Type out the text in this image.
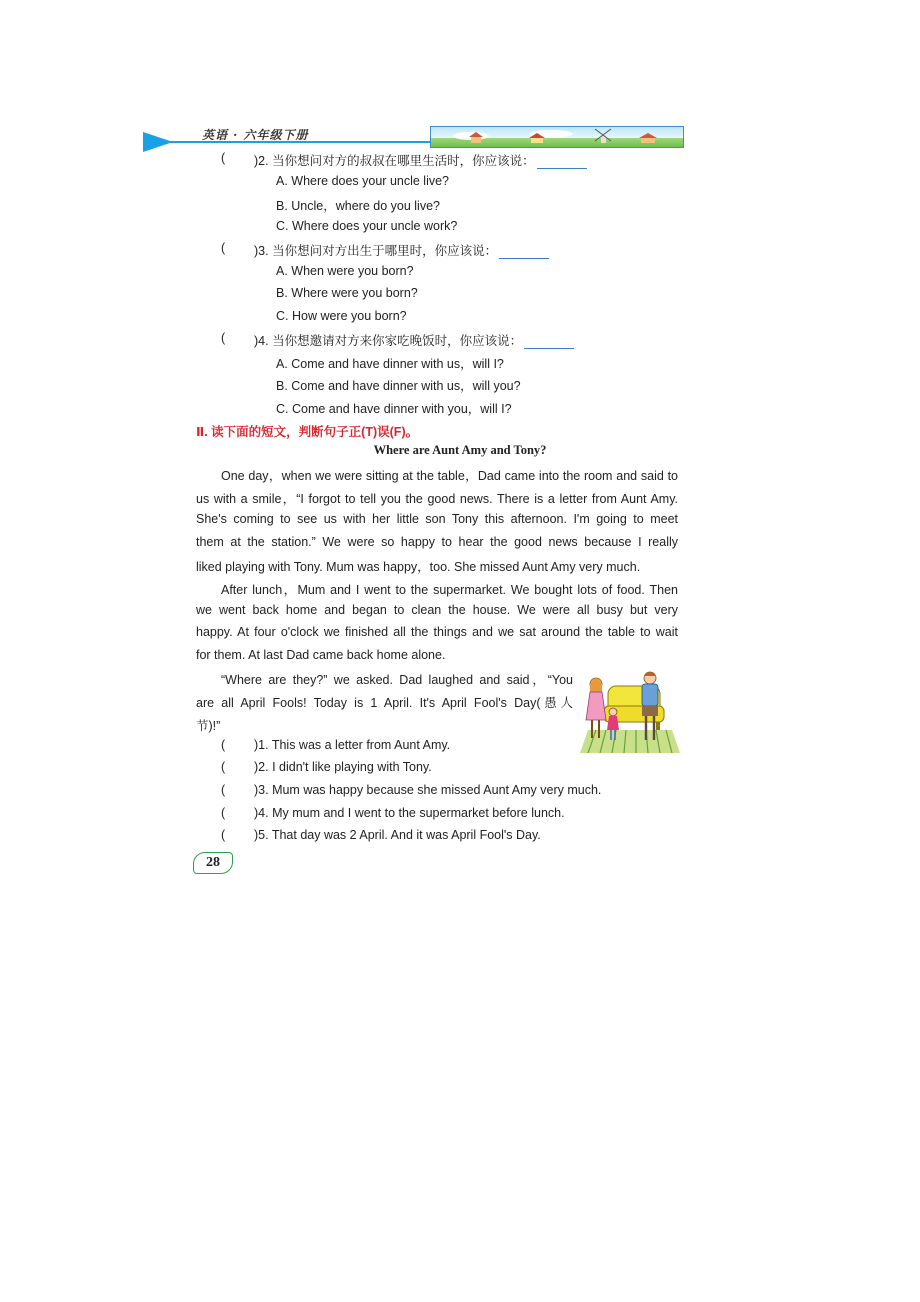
英语 · 六年级下册
( )2. 当你想问对方的叔叔在哪里生活时，你应该说：
A. Where does your uncle live?
B. Uncle，where do you live?
C. Where does your uncle work?
( )3. 当你想问对方出生于哪里时，你应该说：
A. When were you born?
B. Where were you born?
C. How were you born?
( )4. 当你想邀请对方来你家吃晚饭时，你应该说：
A. Come and have dinner with us，will I?
B. Come and have dinner with us，will you?
C. Come and have dinner with you，will I?
Ⅱ. 读下面的短文，判断句子正(T)误(F)。
Where are Aunt Amy and Tony?
One day，when we were sitting at the table，Dad came into the room and said to
us with a smile，“I forgot to tell you the good news. There is a letter from Aunt Amy.
She's coming to see us with her little son Tony this afternoon. I'm going to meet
them at the station.” We were so happy to hear the good news because I really
liked playing with Tony. Mum was happy，too. She missed Aunt Amy very much.
After lunch，Mum and I went to the supermarket. We bought lots of food. Then
we went back home and began to clean the house. We were all busy but very
happy. At four o'clock we finished all the things and we sat around the table to wait
for them. At last Dad came back home alone.
“Where are they?” we asked. Dad laughed and said，“You
are all April Fools! Today is 1 April. It's April Fool's Day(愚人
节)!”
( )1. This was a letter from Aunt Amy.
( )2. I didn't like playing with Tony.
( )3. Mum was happy because she missed Aunt Amy very much.
( )4. My mum and I went to the supermarket before lunch.
( )5. That day was 2 April. And it was April Fool's Day.
28
